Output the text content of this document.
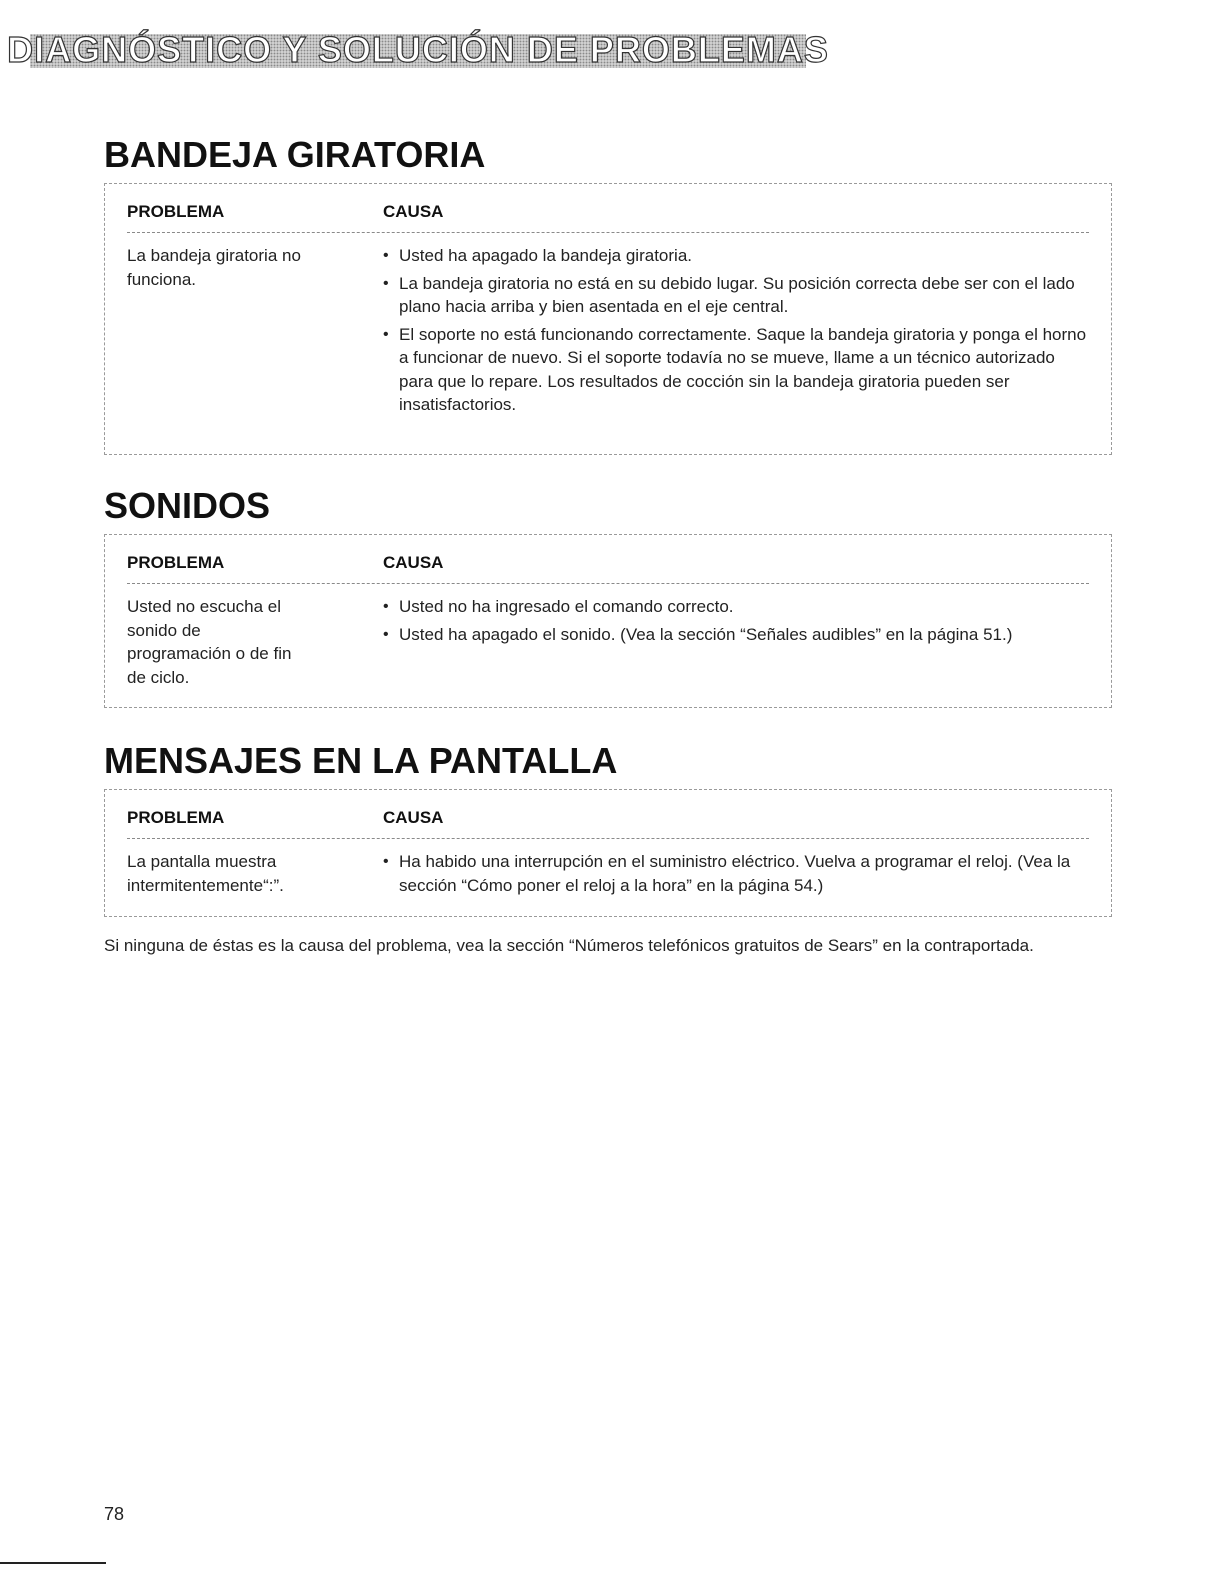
DIAGNÓSTICO Y SOLUCIÓN DE PROBLEMAS
BANDEJA GIRATORIA
PROBLEMA	CAUSA
La bandeja giratoria no funciona.
• Usted ha apagado la bandeja giratoria.
• La bandeja giratoria no está en su debido lugar. Su posición correcta debe ser con el lado plano hacia arriba y bien asentada en el eje central.
• El soporte no está funcionando correctamente. Saque la bandeja giratoria y ponga el horno a funcionar de nuevo. Si el soporte todavía no se mueve, llame a un técnico autorizado para que lo repare. Los resultados de cocción sin la bandeja giratoria pueden ser insatisfactorios.
SONIDOS
PROBLEMA	CAUSA
Usted no escucha el sonido de programación o de fin de ciclo.
• Usted no ha ingresado el comando correcto.
• Usted ha apagado el sonido. (Vea la sección “Señales audibles” en la página 51.)
MENSAJES EN LA PANTALLA
PROBLEMA	CAUSA
La pantalla muestra intermitentemente“:”.
• Ha habido una interrupción en el suministro eléctrico. Vuelva a programar el reloj. (Vea la sección “Cómo poner el reloj a la hora” en la página 54.)
Si ninguna de éstas es la causa del problema, vea la sección “Números telefónicos gratuitos de Sears” en la contraportada.
78
